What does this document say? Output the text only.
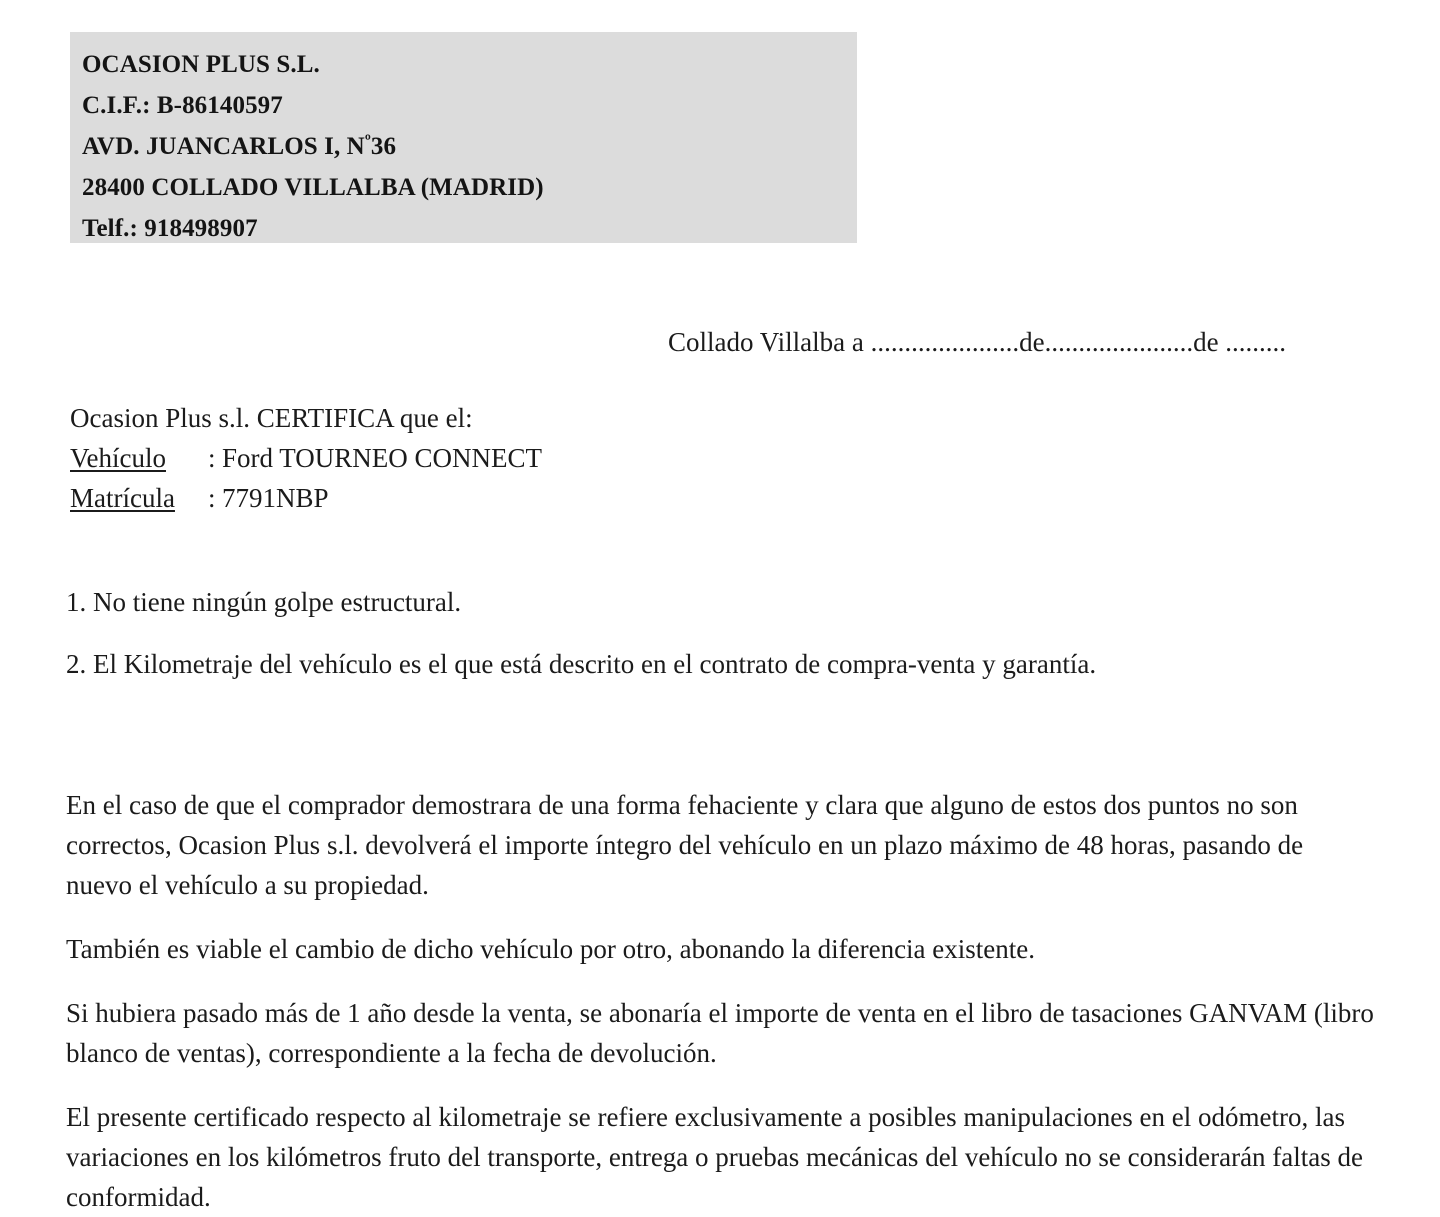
OCASION PLUS S.L.
C.I.F.: B-86140597
AVD. JUANCARLOS I, $N^º36$
28400 COLLADO VILLALBA (MADRID)
Telf.: 918498907
Collado Villalba a ......................de......................de .........
Ocasion Plus s.l. CERTIFICA que el:
Vehículo : Ford TOURNEO CONNECT
Matrícula : 7791NBP
1. No tiene ningún golpe estructural.
2. El Kilometraje del vehículo es el que está descrito en el contrato de compra-venta y garantía.

En el caso de que el comprador demostrara de una forma fehaciente y clara que alguno de estos dos puntos no son correctos, Ocasion Plus s.l. devolverá el importe íntegro del vehículo en un plazo máximo de 48 horas, pasando de nuevo el vehículo a su propiedad.

También es viable el cambio de dicho vehículo por otro, abonando la diferencia existente.

Si hubiera pasado más de 1 año desde la venta, se abonaría el importe de venta en el libro de tasaciones GANVAM (libro blanco de ventas), correspondiente a la fecha de devolución.

El presente certificado respecto al kilometraje se refiere exclusivamente a posibles manipulaciones en el odómetro, las variaciones en los kilómetros fruto del transporte, entrega o pruebas mecánicas del vehículo no se considerarán faltas de conformidad.
